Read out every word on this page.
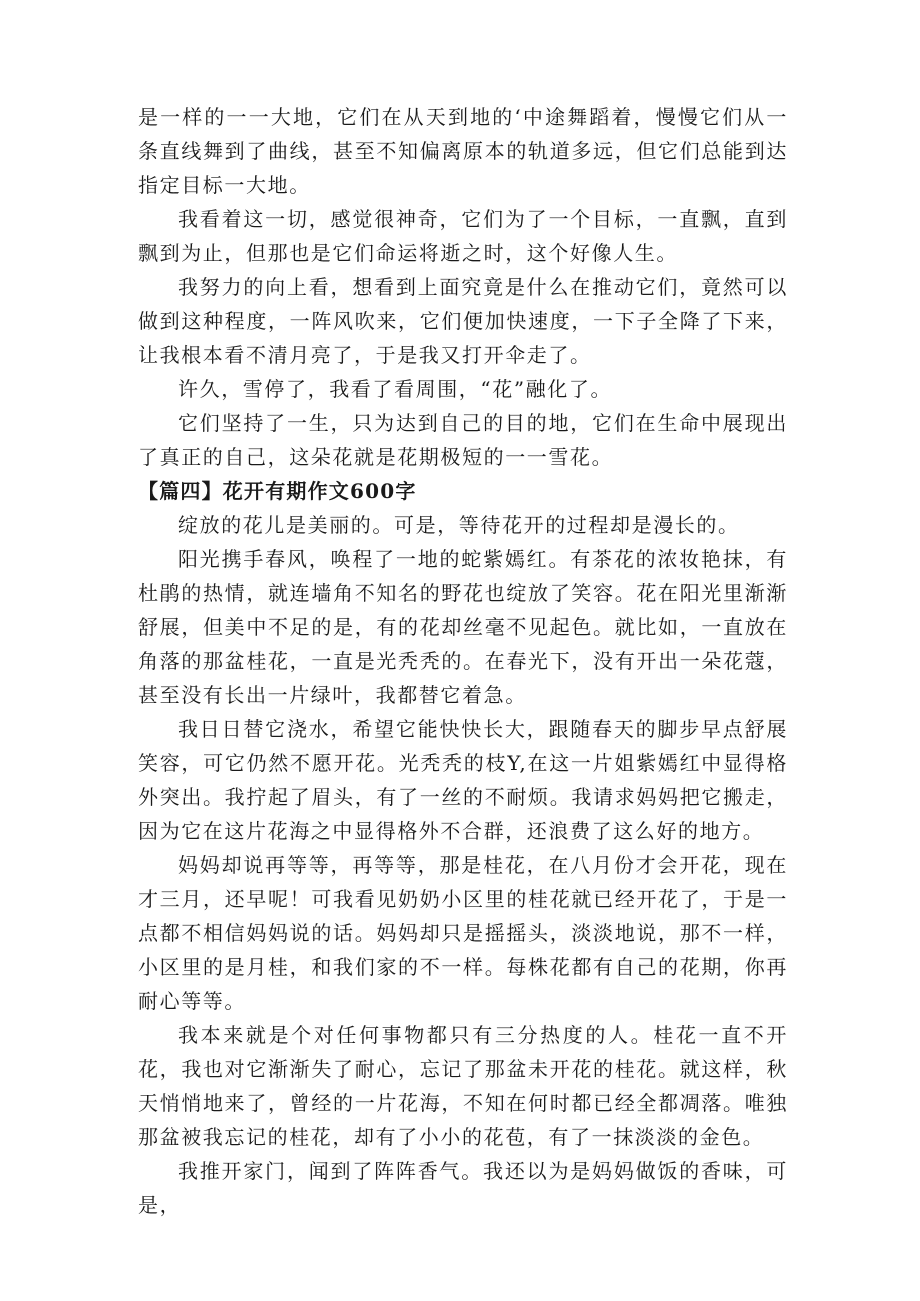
是一样的一一大地，它们在从天到地的‘中途舞蹈着，慢慢它们从一条直线舞到了曲线，甚至不知偏离原本的轨道多远，但它们总能到达指定目标一大地。

我看着这一切，感觉很神奇，它们为了一个目标，一直飘，直到飘到为止，但那也是它们命运将逝之时，这个好像人生。

我努力的向上看，想看到上面究竟是什么在推动它们，竟然可以做到这种程度，一阵风吹来，它们便加快速度，一下子全降了下来，让我根本看不清月亮了，于是我又打开伞走了。

许久，雪停了，我看了看周围，“花”融化了。

它们坚持了一生，只为达到自己的目的地，它们在生命中展现出了真正的自己，这朵花就是花期极短的一一雪花。

【篇四】花开有期作文600字

绽放的花儿是美丽的。可是，等待花开的过程却是漫长的。

阳光携手春风，唤程了一地的蛇紫嫣红。有茶花的浓妆艳抹，有杜鹃的热情，就连墙角不知名的野花也绽放了笑容。花在阳光里渐渐舒展，但美中不足的是，有的花却丝毫不见起色。就比如，一直放在角落的那盆桂花，一直是光秃秃的。在春光下，没有开出一朵花蔻，甚至没有长出一片绿叶，我都替它着急。

我日日替它浇水，希望它能快快长大，跟随春天的脚步早点舒展笑容，可它仍然不愿开花。光秃秃的枝Y,在这一片姐紫嫣红中显得格外突出。我拧起了眉头，有了一丝的不耐烦。我请求妈妈把它搬走，因为它在这片花海之中显得格外不合群，还浪费了这么好的地方。

妈妈却说再等等，再等等，那是桂花，在八月份才会开花，现在才三月，还早呢！可我看见奶奶小区里的桂花就已经开花了，于是一点都不相信妈妈说的话。妈妈却只是摇摇头，淡淡地说，那不一样，小区里的是月桂，和我们家的不一样。每株花都有自己的花期，你再耐心等等。

我本来就是个对任何事物都只有三分热度的人。桂花一直不开花，我也对它渐渐失了耐心，忘记了那盆未开花的桂花。就这样，秋天悄悄地来了，曾经的一片花海，不知在何时都已经全都凋落。唯独那盆被我忘记的桂花，却有了小小的花苞，有了一抹淡淡的金色。

我推开家门，闻到了阵阵香气。我还以为是妈妈做饭的香味，可是，
